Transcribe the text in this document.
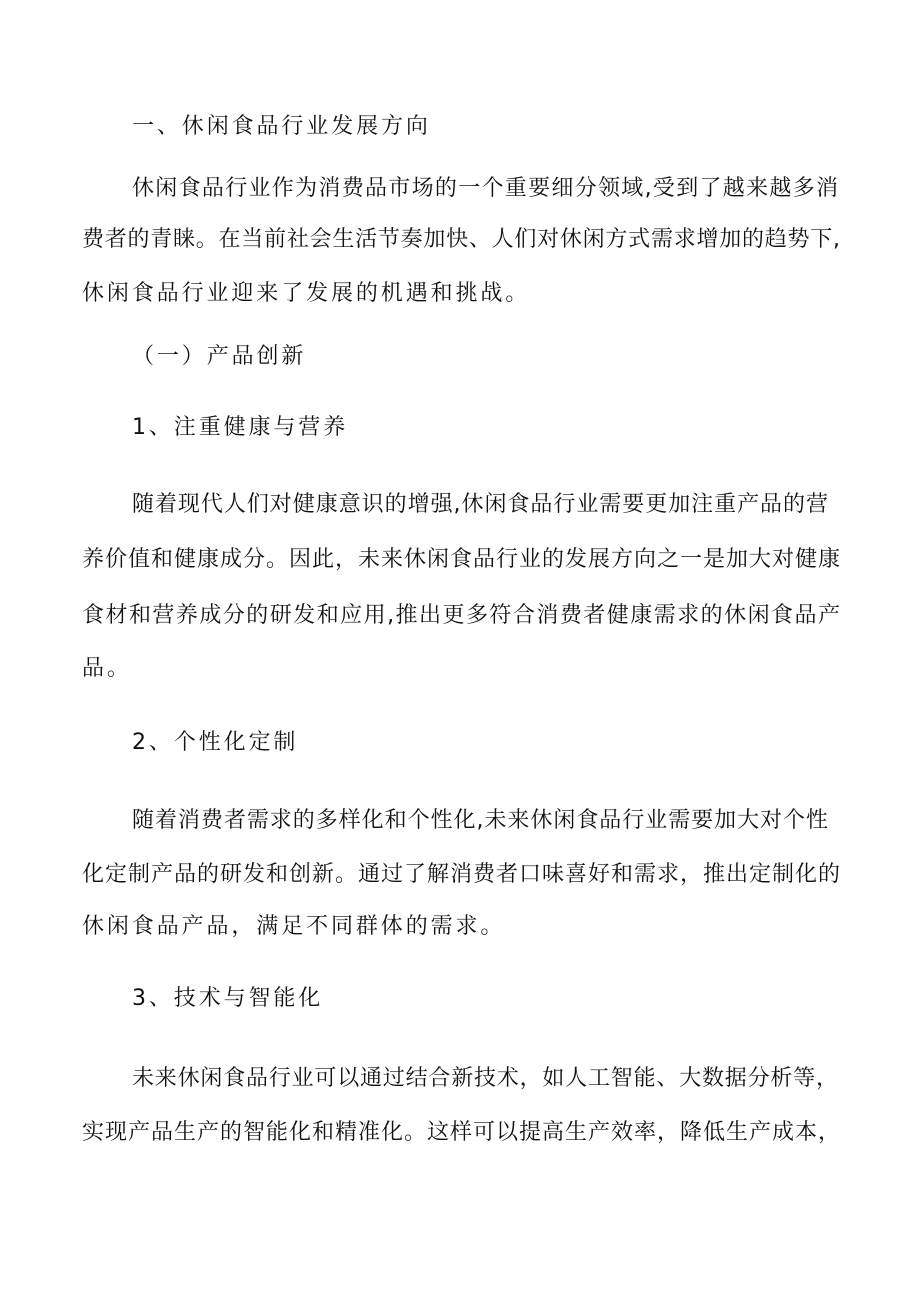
一、休闲食品行业发展方向
休闲食品行业作为消费品市场的一个重要细分领域,受到了越来越多消
费者的青睐。在当前社会生活节奏加快、人们对休闲方式需求增加的趋势下,
休闲食品行业迎来了发展的机遇和挑战。
（一）产品创新
1、注重健康与营养
随着现代人们对健康意识的增强,休闲食品行业需要更加注重产品的营
养价值和健康成分。因此，未来休闲食品行业的发展方向之一是加大对健康
食材和营养成分的研发和应用,推出更多符合消费者健康需求的休闲食品产
品。
2、个性化定制
随着消费者需求的多样化和个性化,未来休闲食品行业需要加大对个性
化定制产品的研发和创新。通过了解消费者口味喜好和需求，推出定制化的
休闲食品产品，满足不同群体的需求。
3、技术与智能化
未来休闲食品行业可以通过结合新技术，如人工智能、大数据分析等，
实现产品生产的智能化和精准化。这样可以提高生产效率，降低生产成本，
